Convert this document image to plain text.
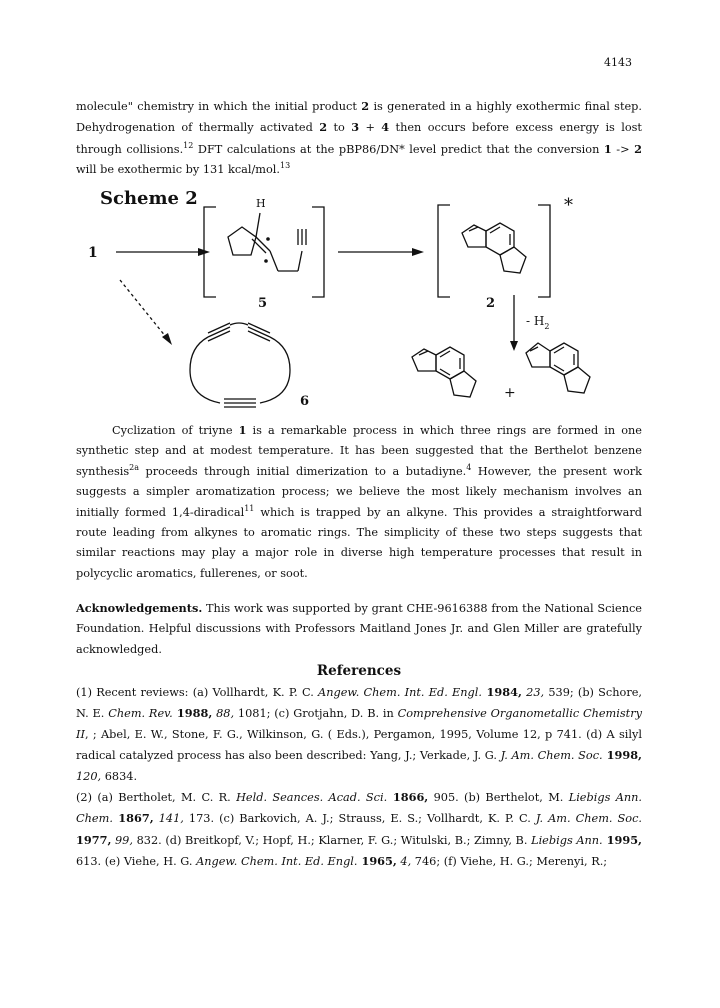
4143

molecule" chemistry in which the initial product 2 is generated in a highly exothermic final step. Dehydrogenation of thermally activated 2 to 3 + 4 then occurs before excess energy is lost through collisions.$^{12}$ DFT calculations at the pBP86/DN* level predict that the conversion 1 -> 2 will be exothermic by 131 kcal/mol.$^{13}$

Scheme 2
1
H
5
*
2
- $H_2$
6
+

Cyclization of triyne 1 is a remarkable process in which three rings are formed in one synthetic step and at modest temperature. It has been suggested that the Berthelot benzene synthesis$^{2a}$ proceeds through initial dimerization to a butadiyne.$^4$ However, the present work suggests a simpler aromatization process; we believe the most likely mechanism involves an initially formed 1,4-diradical$^{11}$ which is trapped by an alkyne. This provides a straightforward route leading from alkynes to aromatic rings. The simplicity of these two steps suggests that similar reactions may play a major role in diverse high temperature processes that result in polycyclic aromatics, fullerenes, or soot.

Acknowledgements. This work was supported by grant CHE-9616388 from the National Science Foundation. Helpful discussions with Professors Maitland Jones Jr. and Glen Miller are gratefully acknowledged.

References

(1) Recent reviews: (a) Vollhardt, K. P. C. Angew. Chem. Int. Ed. Engl. 1984, 23, 539; (b) Schore, N. E. Chem. Rev. 1988, 88, 1081; (c) Grotjahn, D. B. in Comprehensive Organometallic Chemistry II, ; Abel, E. W., Stone, F. G., Wilkinson, G. ( Eds.), Pergamon, 1995, Volume 12, p 741. (d) A silyl radical catalyzed process has also been described: Yang, J.; Verkade, J. G. J. Am. Chem. Soc. 1998, 120, 6834.

(2) (a) Bertholet, M. C. R. Held. Seances. Acad. Sci. 1866, 905. (b) Berthelot, M. Liebigs Ann. Chem. 1867, 141, 173. (c) Barkovich, A. J.; Strauss, E. S.; Vollhardt, K. P. C. J. Am. Chem. Soc. 1977, 99, 832. (d) Breitkopf, V.; Hopf, H.; Klarner, F. G.; Witulski, B.; Zimny, B. Liebigs Ann. 1995, 613. (e) Viehe, H. G. Angew. Chem. Int. Ed. Engl. 1965, 4, 746; (f) Viehe, H. G.; Merenyi, R.;
